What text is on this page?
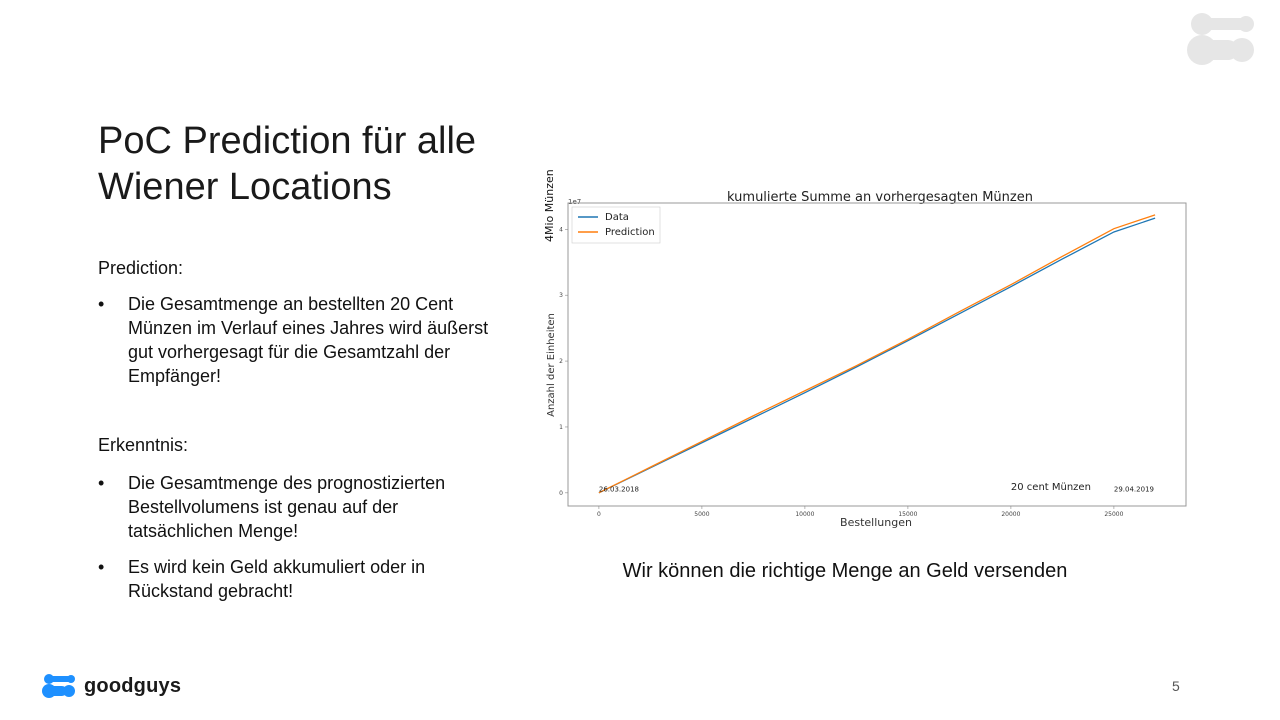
PoC Prediction für alle
Wiener Locations
Prediction:
• Die Gesamtmenge an bestellten 20 Cent Münzen im Verlauf eines Jahres wird äußerst gut vorhergesagt für die Gesamtzahl der Empfänger!
Erkenntnis:
• Die Gesamtmenge des prognostizierten Bestellvolumens ist genau auf der tatsächlichen Menge!
• Es wird kein Geld akkumuliert oder in Rückstand gebracht!
kumulierte Summe an vorhergesagten Münzen
4Mio Münzen 1e7
Anzahl der Einheiten
Bestellungen
0	5000	10000	15000	20000	25000
0
1
2
3
4
Data
Prediction
26.03.2018	20 cent Münzen	29.04.2019
Wir können die richtige Menge an Geld versenden
goodguys	5
